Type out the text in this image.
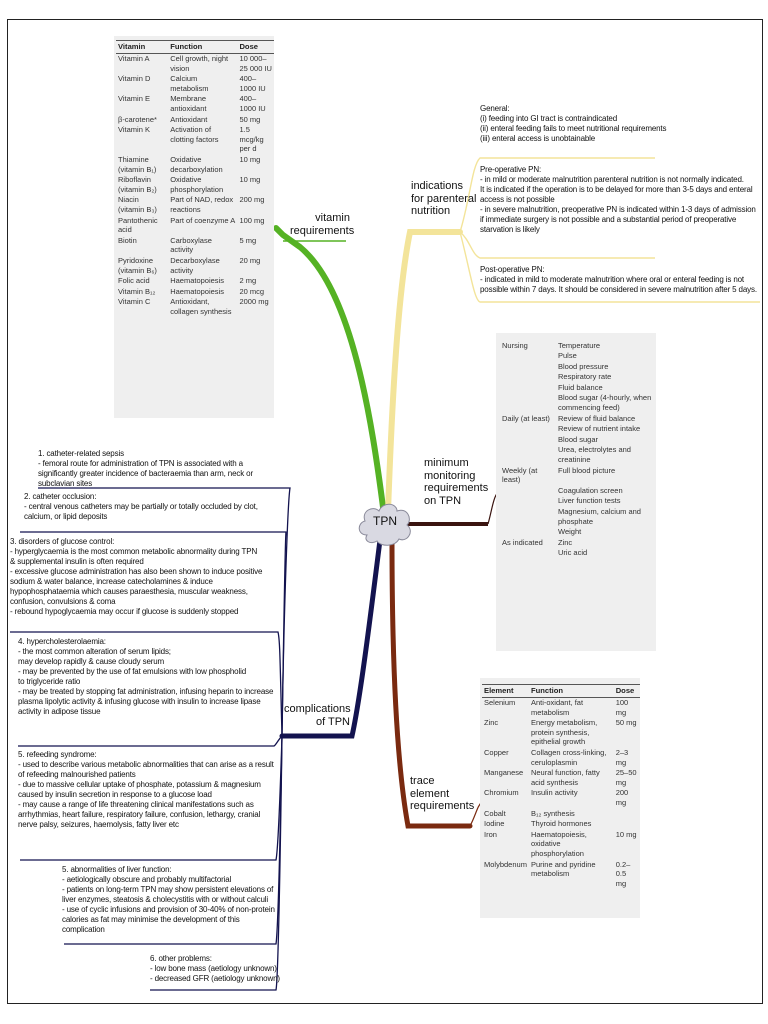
Vitamin	Function	Dose
Vitamin A	Cell growth, night vision	10 000–25 000 IU
Vitamin D	Calcium metabolism	400–1000 IU
Vitamin E	Membrane antioxidant	400–1000 IU
β-carotene*	Antioxidant	50 mg
Vitamin K	Activation of clotting factors	1.5 mcg/kg per d
Thiamine (vitamin B₁)	Oxidative decarboxylation	10 mg
Riboflavin (vitamin B₂)	Oxidative phosphorylation	10 mg
Niacin (vitamin B₃)	Part of NAD, redox reactions	200 mg
Pantothenic acid	Part of coenzyme A	100 mg
Biotin	Carboxylase activity	5 mg
Pyridoxine (vitamin B₆)	Decarboxylase activity	20 mg
Folic acid	Haematopoiesis	2 mg
Vitamin B₁₂	Haematopoiesis	20 mcg
Vitamin C	Antioxidant, collagen synthesis	2000 mg
vitamin
requirements
indications
for parenteral
nutrition
minimum
monitoring
requirements
on TPN
complications
of TPN
trace
element
requirements
General:
(i) feeding into GI tract is contraindicated
(ii) enteral feeding fails to meet nutritional requirements
(iii) enteral access is unobtainable
Pre-operative PN:
- in mild or moderate malnutrition parenteral nutrition is not normally indicated.
It is indicated if the operation is to be delayed for more than 3-5 days and enteral access is not possible
- in severe malnutrition, preoperative PN is indicated within 1-3 days of admission if immediate surgery is not possible and a substantial period of preoperative starvation is likely
Post-operative PN:
- indicated in mild to moderate malnutrition where oral or enteral feeding is not possible within 7 days. It should be considered in severe malnutrition after 5 days.
Nursing	Temperature
	Pulse
	Blood pressure
	Respiratory rate
	Fluid balance
	Blood sugar (4-hourly, when commencing feed)
Daily (at least)	Review of fluid balance
	Review of nutrient intake
	Blood sugar
	Urea, electrolytes and creatinine
Weekly (at least)	Full blood picture
	Coagulation screen
	Liver function tests
	Magnesium, calcium and phosphate
	Weight
As indicated	Zinc
	Uric acid
Element	Function	Dose
Selenium	Anti-oxidant, fat metabolism	100 mg
Zinc	Energy metabolism, protein synthesis, epithelial growth	50 mg
Copper	Collagen cross-linking, ceruloplasmin	2–3 mg
Manganese	Neural function, fatty acid synthesis	25–50 mg
Chromium	Insulin activity	200 mg
Cobalt	B₁₂ synthesis	
Iodine	Thyroid hormones	
Iron	Haematopoiesis, oxidative phosphorylation	10 mg
Molybdenum	Purine and pyridine metabolism	0.2–0.5 mg
1. catheter-related sepsis
- femoral route for administration of TPN is associated with a significantly greater incidence of bacteraemia than arm, neck or subclavian sites
2. catheter occlusion:
- central venous catheters may be partially or totally occluded by clot, calcium, or lipid deposits
3. disorders of glucose control:
- hyperglycaemia is the most common metabolic abnormality during TPN
& supplemental insulin is often required
- excessive glucose administration has also been shown to induce positive sodium & water balance, increase catecholamines & induce hypophosphataemia which causes paraesthesia, muscular weakness, confusion, convulsions & coma
- rebound hypoglycaemia may occur if glucose is suddenly stopped
4. hypercholesterolaemia:
- the most common alteration of serum lipids;
may develop rapidly & cause cloudy serum
- may be prevented by the use of fat emulsions with low phospholid
to triglyceride ratio
- may be treated by stopping fat administration, infusing heparin to increase plasma lipolytic activity & infusing glucose with insulin to increase lipase activity in adipose tissue
5. refeeding syndrome:
- used to describe various metabolic abnormalities that can arise as a result of refeeding malnourished patients
- due to massive cellular uptake of phosphate, potassium & magnesium caused by insulin secretion in response to a glucose load
- may cause a range of life threatening clinical manifestations such as arrhythmias, heart failure, respiratory failure, confusion, lethargy, cranial nerve palsy, seizures, haemolysis, fatty liver etc
5. abnormalities of liver function:
- aetiologically obscure and probably multifactorial
- patients on long-term TPN may show persistent elevations of liver enzymes, steatosis & cholecystitis with or without calculi
- use of cyclic infusions and provision of 30-40% of non-protein calories as fat may minimise the development of this complication
6. other problems:
- low bone mass (aetiology unknown)
- decreased GFR (aetiology unknown)
TPN
